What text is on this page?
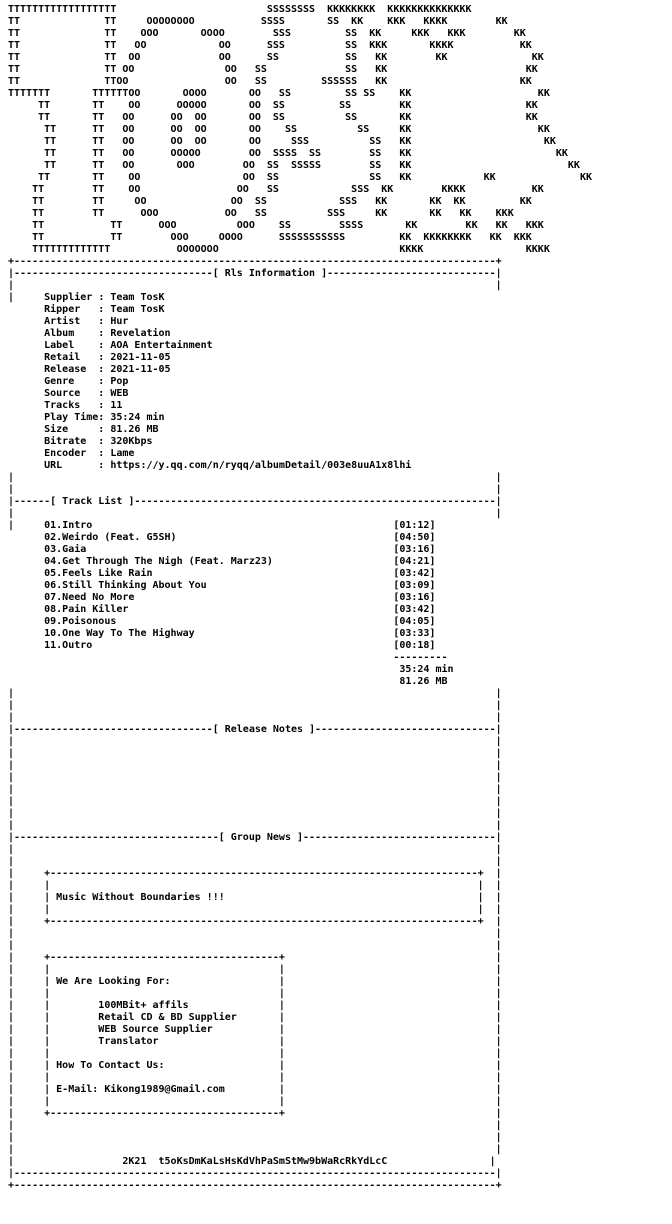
TTTTTTTTTTTTTTTTTT                         SSSSSSSS  KKKKKKKK  KKKKKKKKKKKKKK
TT              TT     OOOOOOOO           SSSS       SS  KK    KKK   KKKK        KK
TT              TT    OOO       OOOO        SSS         SS  KK     KKK   KKK        KK
TT              TT   OO            OO      SSS          SS  KKK       KKKK           KK
TT              TT  OO             OO      SS           SS   KK        KK              KK
TT              TT OO               OO   SS             SS   KK                       KK
TT              TTOO                OO   SS         SSSSSS   KK                      KK
TTTTTTT       TTTTTTOO       OOOO       OO   SS         SS SS    KK                     KK
TT       TT    OO      OOOOO       OO  SS         SS        KK                   KK
TT       TT   OO      OO  OO       OO  SS          SS       KK                   KK
TT      TT   OO      OO  OO       OO    SS          SS     KK                     KK
TT      TT   OO      OO  OO       OO     SSS          SS   KK                      KK
TT      TT   OO      OOOOO        OO  SSSS  SS        SS   KK                        KK
TT      TT   OO       OOO        OO  SS  SSSSS        SS   KK                          KK
TT       TT    OO                 OO  SS               SS   KK            KK              KK
TT        TT    OO                OO   SS            SSS  KK        KKKK           KK
TT        TT     OO              OO  SS            SSS   KK       KK  KK         KK
TT        TT      OOO           OO   SS          SSS     KK       KK   KK    KKK
TT           TT      OOO          OOO    SS        SSSS       KK        KK   KK   KKK
TT           TT        OOO     OOOO      SSSSSSSSSSS         KK  KKKKKKKK   KK  KKK
TTTTTTTTTTTTT           OOOOOOO                              KKKK                 KKKK
+--------------------------------------------------------------------------------+
|---------------------------------[ Rls Information ]----------------------------|
|                                                                                |
|	Supplier : Team TosK
Ripper   : Team TosK
Artist   : Hur
Album    : Revelation
Label    : AOA Entertainment
Retail   : 2021-11-05
Release  : 2021-11-05
Genre    : Pop
Source   : WEB
Tracks   : 11
Play Time: 35:24 min
Size     : 81.26 MB
Bitrate  : 320Kbps
Encoder  : Lame
URL      : https://y.qq.com/n/ryqq/albumDetail/003e8uuA1x8lhi
|                                                                                |
|                                                                                |
|------[ Track List ]------------------------------------------------------------|
|                                                                                |
|	01.Intro                                                  [01:12]
02.Weirdo (Feat. G5SH)                                    [04:50]
03.Gaia                                                   [03:16]
04.Get Through The Nigh (Feat. Marz23)                    [04:21]
05.Feels Like Rain                                        [03:42]
06.Still Thinking About You                               [03:09]
07.Need No More                                           [03:16]
08.Pain Killer                                            [03:42]
09.Poisonous                                              [04:05]
10.One Way To The Highway                                 [03:33]
11.Outro                                                  [00:18]
---------
35:24 min
81.26 MB
|                                                                                |
|                                                                                |
|                                                                                |
|---------------------------------[ Release Notes ]------------------------------|
|                                                                                |
|                                                                                |
|                                                                                |
|                                                                                |
|                                                                                |
|                                                                                |
|                                                                                |
|                                                                                |
|----------------------------------[ Group News ]--------------------------------|
|                                                                                |
|                                                                                |
|     +-----------------------------------------------------------------------+  |
|     |                                                                       |  |
|     | Music Without Boundaries !!!                                          |  |
|     |                                                                       |  |
|     +-----------------------------------------------------------------------+  |
|                                                                                |
|                                                                                |
|     +--------------------------------------+                                   |
|     |                                      |                                   |
|     | We Are Looking For:                  |                                   |
|     |                                      |                                   |
|     |        100MBit+ affils               |                                   |
|     |        Retail CD & BD Supplier       |                                   |
|     |        WEB Source Supplier           |                                   |
|     |        Translator                    |                                   |
|     |                                      |                                   |
|     | How To Contact Us:                   |                                   |
|     |                                      |                                   |
|     | E-Mail: Kikong1989@Gmail.com         |                                   |
|     |                                      |                                   |
|     +--------------------------------------+                                   |
|                                                                                |
|                                                                                |
|                                                                                |
|                  2K21  t5oKsDmKaLsHsKdVhPaSmStMw9bWaRcRkYdLcC                 |
|--------------------------------------------------------------------------------|
+--------------------------------------------------------------------------------+
